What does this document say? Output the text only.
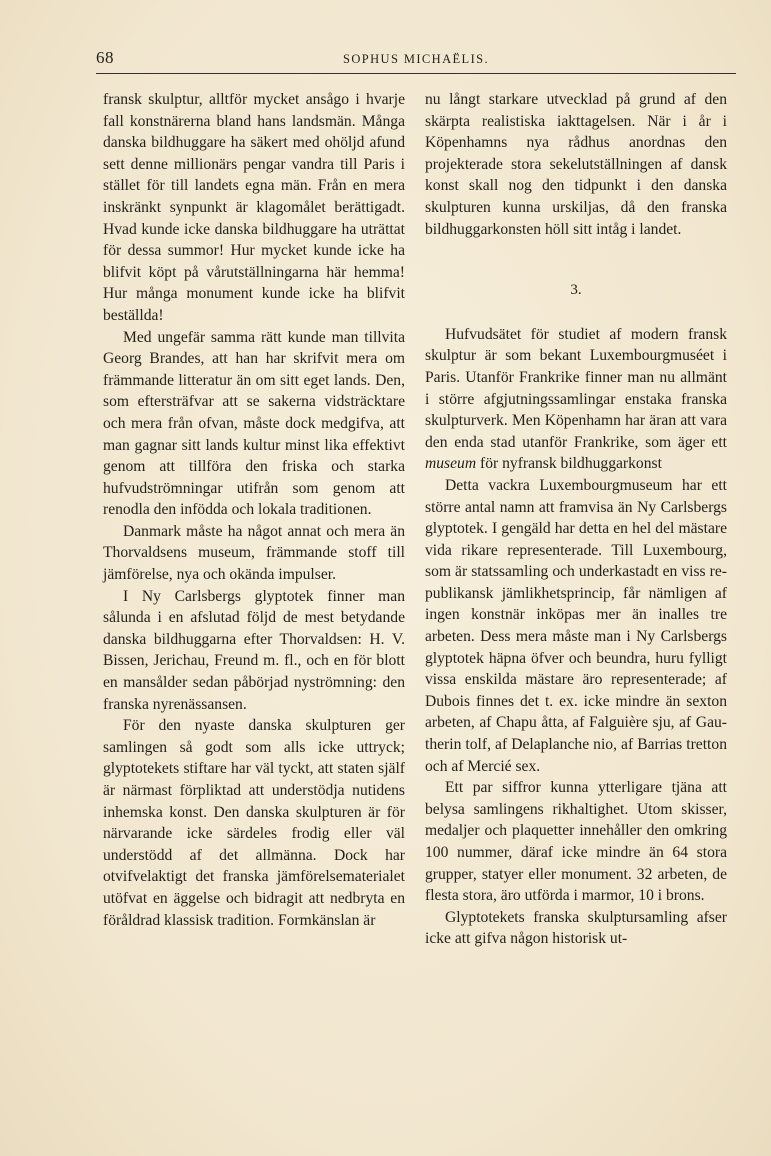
68	SOPHUS MICHAËLIS.

fransk skulptur, alltför mycket ansågo i hvarje fall konstnärerna bland hans landsmän. Många danska bildhuggare ha säkert med ohöljd afund sett denne millionärs pengar vandra till Paris i stället för till landets egna män. Från en mera inskränkt synpunkt är klagomålet berättigadt. Hvad kunde icke danska bildhuggare ha uträttat för dessa summor! Hur mycket kunde icke ha blifvit köpt på vårutställningarna här hemma! Hur många monument kunde icke ha blifvit beställda!

Med ungefär samma rätt kunde man tillvita Georg Brandes, att han har skrifvit mera om främmande litteratur än om sitt eget lands. Den, som eftersträfvar att se sakerna vidsträcktare och mera från ofvan, måste dock medgifva, att man gagnar sitt lands kultur minst lika effektivt genom att tillföra den friska och starka hufvudströmningar utifrån som genom att renodla den infödda och lokala traditionen.

Danmark måste ha något annat och mera än Thorvaldsens museum, främmande stoff till jämförelse, nya och okända impulser.

I Ny Carlsbergs glyptotek finner man sålunda i en afslutad följd de mest betydande danska bildhuggarna efter Thorvaldsen: H. V. Bissen, Jerichau, Freund m. fl., och en för blott en mansålder sedan påbörjad nyströmning: den franska nyrenässansen.

För den nyaste danska skulpturen ger samlingen så godt som alls icke uttryck; glyptotekets stiftare har väl tyckt, att staten själf är närmast förpliktad att understödja nutidens inhemska konst. Den danska skulpturen är för närvarande icke särdeles frodig eller väl understödd af det allmänna. Dock har otvifvelaktigt det franska jämförelsematerialet utöfvat en äggelse och bidragit att nedbryta en föråldrad klassisk tradition. Formkänslan är

nu långt starkare utvecklad på grund af den skärpta realistiska iakttagelsen. När i år i Köpenhamns nya rådhus anordnas den projekterade stora sekelutställningen af dansk konst skall nog den tidpunkt i den danska skulpturen kunna urskiljas, då den franska bildhuggarkonsten höll sitt intåg i landet.

3.

Hufvudsätet för studiet af modern fransk skulptur är som bekant Luxembourgmuséet i Paris. Utanför Frankrike finner man nu allmänt i större afgjutningssamlingar enstaka franska skulpturverk. Men Köpenhamn har äran att vara den enda stad utanför Frankrike, som äger ett museum för nyfransk bildhuggarkonst

Detta vackra Luxembourgmuseum har ett större antal namn att framvisa än Ny Carlsbergs glyptotek. I gengäld har detta en hel del mästare vida rikare representerade. Till Luxembourg, som är statssamling och underkastadt en viss republikansk jämlikhetsprincip, får nämligen af ingen konstnär inköpas mer än inalles tre arbeten. Dess mera måste man i Ny Carlsbergs glyptotek häpna öfver och beundra, huru fylligt vissa enskilda mästare äro representerade; af Dubois finnes det t. ex. icke mindre än sexton arbeten, af Chapu åtta, af Falguière sju, af Gautherin tolf, af Delaplanche nio, af Barrias tretton och af Mercié sex.

Ett par siffror kunna ytterligare tjäna att belysa samlingens rikhaltighet. Utom skisser, medaljer och plaquetter innehåller den omkring 100 nummer, däraf icke mindre än 64 stora grupper, statyer eller monument. 32 arbeten, de flesta stora, äro utförda i marmor, 10 i brons.

Glyptotekets franska skulptursamling afser icke att gifva någon historisk ut-
